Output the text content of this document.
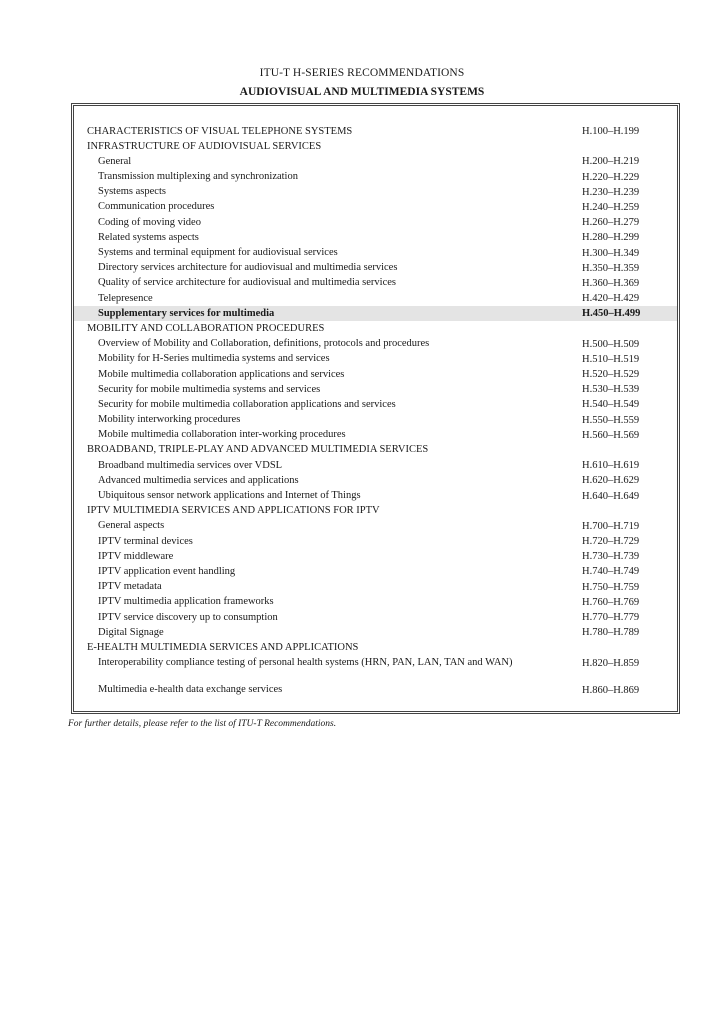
ITU-T H-SERIES RECOMMENDATIONS
AUDIOVISUAL AND MULTIMEDIA SYSTEMS
CHARACTERISTICS OF VISUAL TELEPHONE SYSTEMS	H.100–H.199
INFRASTRUCTURE OF AUDIOVISUAL SERVICES
General	H.200–H.219
Transmission multiplexing and synchronization	H.220–H.229
Systems aspects	H.230–H.239
Communication procedures	H.240–H.259
Coding of moving video	H.260–H.279
Related systems aspects	H.280–H.299
Systems and terminal equipment for audiovisual services	H.300–H.349
Directory services architecture for audiovisual and multimedia services	H.350–H.359
Quality of service architecture for audiovisual and multimedia services	H.360–H.369
Telepresence	H.420–H.429
Supplementary services for multimedia	H.450–H.499
MOBILITY AND COLLABORATION PROCEDURES
Overview of Mobility and Collaboration, definitions, protocols and procedures	H.500–H.509
Mobility for H-Series multimedia systems and services	H.510–H.519
Mobile multimedia collaboration applications and services	H.520–H.529
Security for mobile multimedia systems and services	H.530–H.539
Security for mobile multimedia collaboration applications and services	H.540–H.549
Mobility interworking procedures	H.550–H.559
Mobile multimedia collaboration inter-working procedures	H.560–H.569
BROADBAND, TRIPLE-PLAY AND ADVANCED MULTIMEDIA SERVICES
Broadband multimedia services over VDSL	H.610–H.619
Advanced multimedia services and applications	H.620–H.629
Ubiquitous sensor network applications and Internet of Things	H.640–H.649
IPTV MULTIMEDIA SERVICES AND APPLICATIONS FOR IPTV
General aspects	H.700–H.719
IPTV terminal devices	H.720–H.729
IPTV middleware	H.730–H.739
IPTV application event handling	H.740–H.749
IPTV metadata	H.750–H.759
IPTV multimedia application frameworks	H.760–H.769
IPTV service discovery up to consumption	H.770–H.779
Digital Signage	H.780–H.789
E-HEALTH MULTIMEDIA SERVICES AND APPLICATIONS
Interoperability compliance testing of personal health systems (HRN, PAN, LAN, TAN and WAN)	H.820–H.859
Multimedia e-health data exchange services	H.860–H.869
For further details, please refer to the list of ITU-T Recommendations.
